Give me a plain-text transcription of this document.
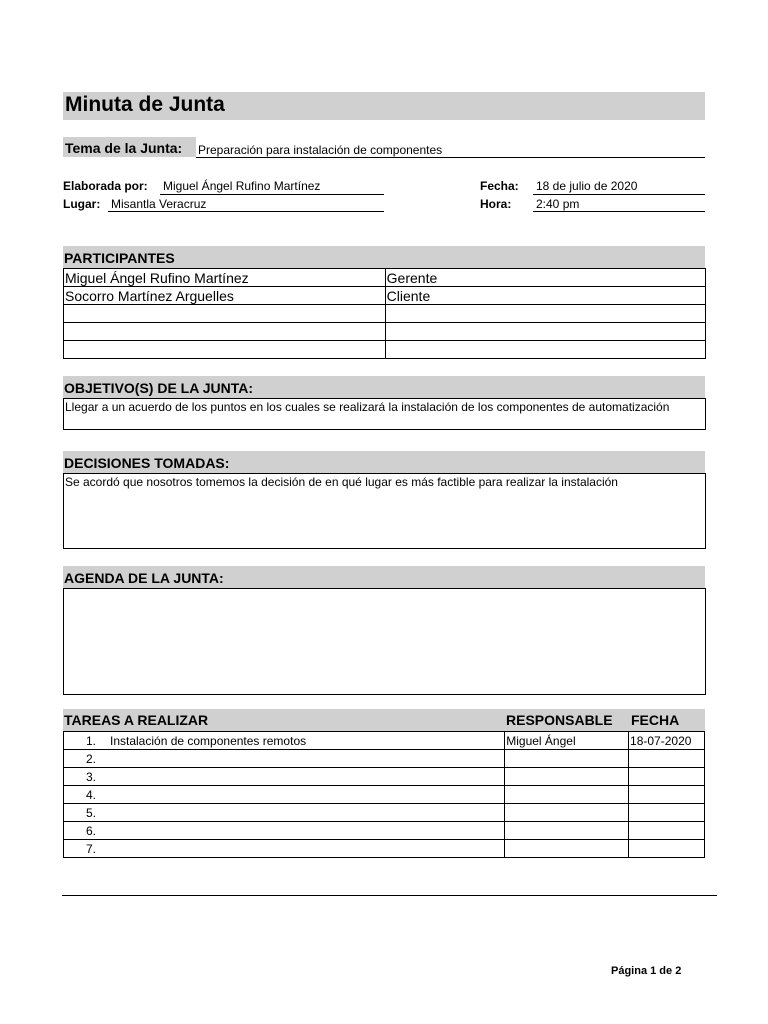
Minuta de Junta
Tema de la Junta: Preparación para instalación de componentes
Elaborada por: Miguel Ángel Rufino Martínez
Lugar: Misantla Veracruz
Fecha: 18 de julio de 2020
Hora: 2:40 pm
PARTICIPANTES
Miguel Ángel Rufino Martínez	Gerente
Socorro Martínez Arguelles	Cliente

OBJETIVO(S) DE LA JUNTA:
Llegar a un acuerdo de los puntos en los cuales se realizará la instalación de los componentes de automatización
DECISIONES TOMADAS:
Se acordó que nosotros tomemos la decisión de en qué lugar es más factible para realizar la instalación
AGENDA DE LA JUNTA:
TAREAS A REALIZAR	RESPONSABLE FECHA
1. Instalación de componentes remotos	Miguel Ángel	18-07-2020
2.		
3.		
4.		
5.		
6.		
7.		
Página 1 de 2
